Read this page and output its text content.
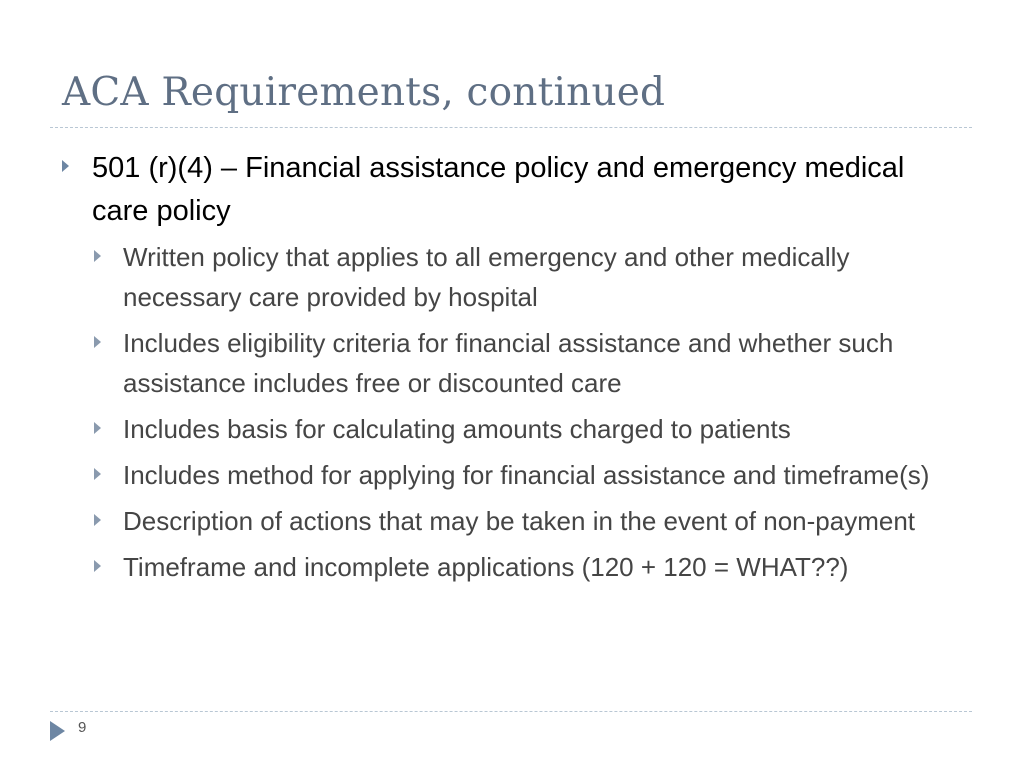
ACA Requirements, continued
501 (r)(4) – Financial assistance policy and emergency medical care policy
Written policy that applies to all emergency and other medically necessary care provided by hospital
Includes eligibility criteria for financial assistance and whether such assistance includes free or discounted care
Includes basis for calculating amounts charged to patients
Includes method for applying for financial assistance and timeframe(s)
Description of actions that may be taken in the event of non-payment
Timeframe and incomplete applications (120 + 120 = WHAT??)
9
